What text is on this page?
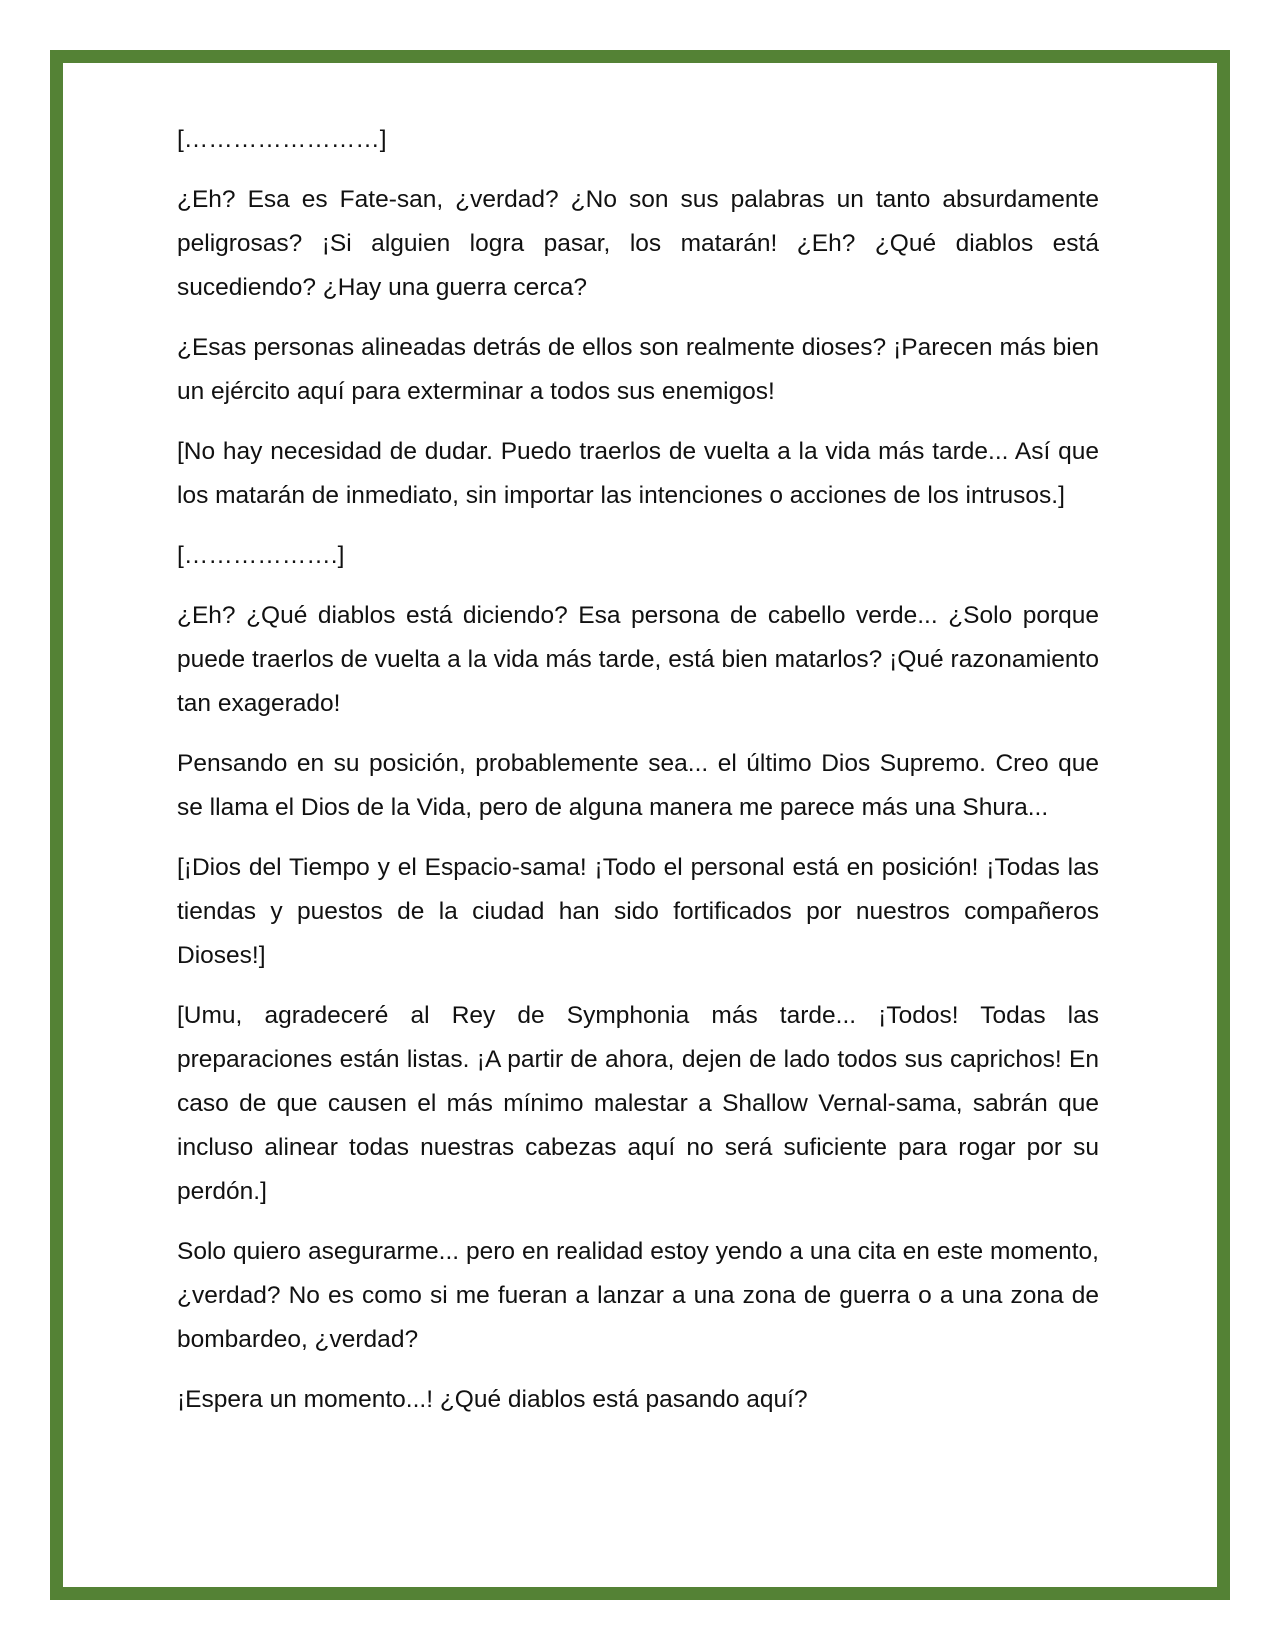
[……………………]

¿Eh? Esa es Fate-san, ¿verdad? ¿No son sus palabras un tanto absurdamente peligrosas? ¡Si alguien logra pasar, los matarán! ¿Eh? ¿Qué diablos está sucediendo? ¿Hay una guerra cerca?

¿Esas personas alineadas detrás de ellos son realmente dioses? ¡Parecen más bien un ejército aquí para exterminar a todos sus enemigos!

[No hay necesidad de dudar. Puedo traerlos de vuelta a la vida más tarde... Así que los matarán de inmediato, sin importar las intenciones o acciones de los intrusos.]

[……………….]

¿Eh? ¿Qué diablos está diciendo? Esa persona de cabello verde... ¿Solo porque puede traerlos de vuelta a la vida más tarde, está bien matarlos? ¡Qué razonamiento tan exagerado!

Pensando en su posición, probablemente sea... el último Dios Supremo. Creo que se llama el Dios de la Vida, pero de alguna manera me parece más una Shura...

[¡Dios del Tiempo y el Espacio-sama! ¡Todo el personal está en posición! ¡Todas las tiendas y puestos de la ciudad han sido fortificados por nuestros compañeros Dioses!]

[Umu, agradeceré al Rey de Symphonia más tarde... ¡Todos! Todas las preparaciones están listas. ¡A partir de ahora, dejen de lado todos sus caprichos! En caso de que causen el más mínimo malestar a Shallow Vernal-sama, sabrán que incluso alinear todas nuestras cabezas aquí no será suficiente para rogar por su perdón.]

Solo quiero asegurarme... pero en realidad estoy yendo a una cita en este momento, ¿verdad? No es como si me fueran a lanzar a una zona de guerra o a una zona de bombardeo, ¿verdad?

¡Espera un momento...! ¿Qué diablos está pasando aquí?
